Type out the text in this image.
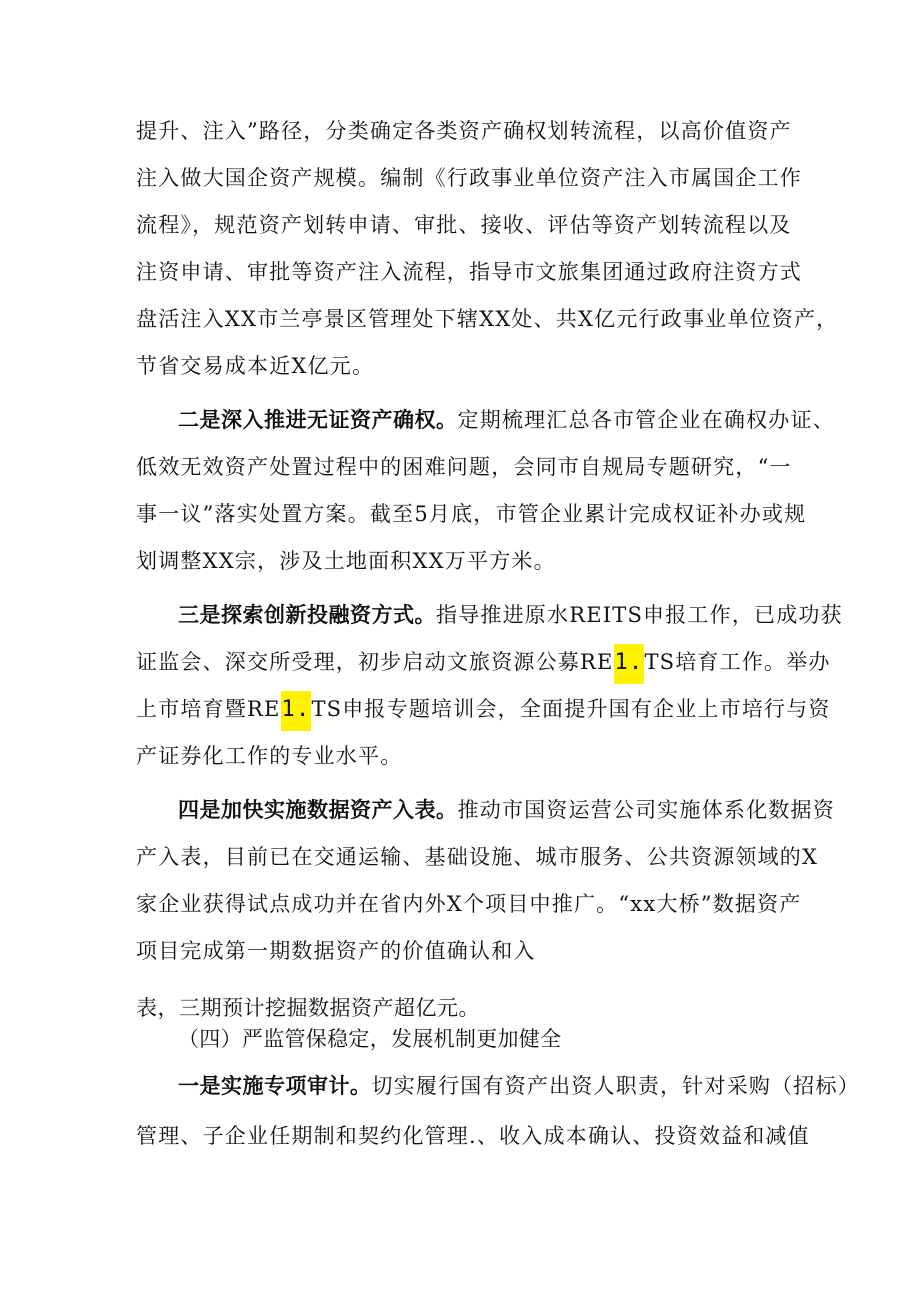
提升、注入”路径，分类确定各类资产确权划转流程，以高价值资产
注入做大国企资产规模。编制《行政事业单位资产注入市属国企工作
流程》，规范资产划转申请、审批、接收、评估等资产划转流程以及
注资申请、审批等资产注入流程，指导市文旅集团通过政府注资方式
盘活注入XX市兰亭景区管理处下辖XX处、共X亿元行政事业单位资产，
节省交易成本近X亿元。
二是深入推进无证资产确权。定期梳理汇总各市管企业在确权办证、
低效无效资产处置过程中的困难问题，会同市自规局专题研究，“一
事一议”落实处置方案。截至5月底，市管企业累计完成权证补办或规
划调整XX宗，涉及土地面积XX万平方米。
三是探索创新投融资方式。指导推进原水REITS申报工作，已成功获
证监会、深交所受理，初步启动文旅资源公募RE1.TS培育工作。举办
上市培育暨RE1.TS申报专题培训会，全面提升国有企业上市培行与资
产证券化工作的专业水平。
四是加快实施数据资产入表。推动市国资运营公司实施体系化数据资
产入表，目前已在交通运输、基础设施、城市服务、公共资源领域的X
家企业获得试点成功并在省内外X个项目中推广。“xx大桥”数据资产
项目完成第一期数据资产的价值确认和入
表，三期预计挖掘数据资产超亿元。
（四）严监管保稳定，发展机制更加健全
一是实施专项审计。切实履行国有资产出资人职责，针对采购（招标）
管理、子企业任期制和契约化管理.、收入成本确认、投资效益和减值
